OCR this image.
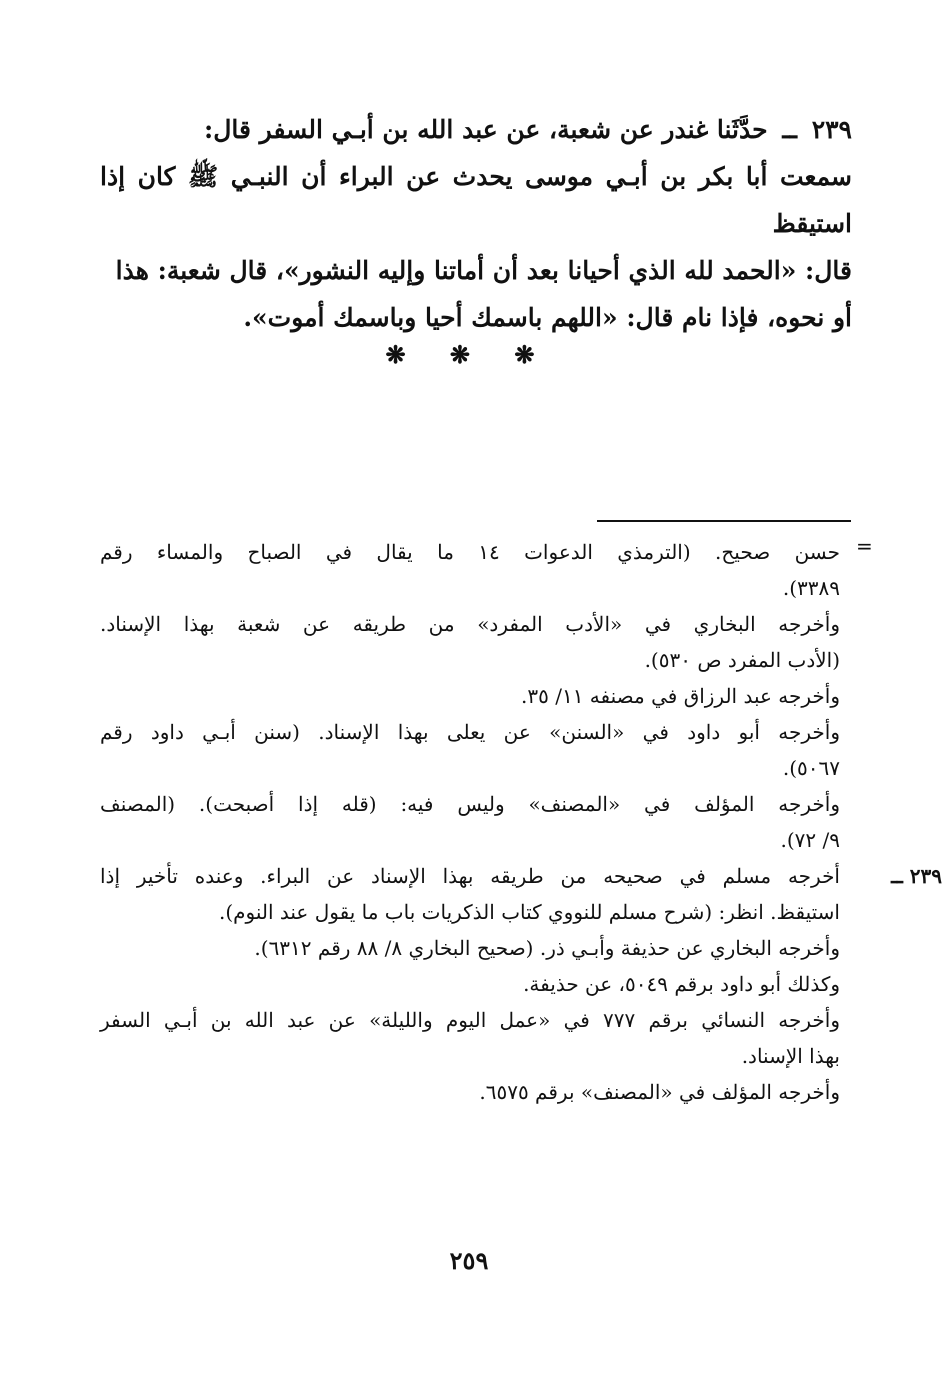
٢٣٩ ــ حدَّثَنا غندر عن شعبة، عن عبد الله بن أبـي السفر قال:
سمعت أبا بكر بن أبـي موسى يحدث عن البراء أن النبـي ﷺ كان إذا استيقظ
قال: «الحمد لله الذي أحيانا بعد أن أماتنا وإليه النشور»، قال شعبة: هذا
أو نحوه، فإذا نام قال: «اللهم باسمك أحيا وباسمك أموت».
❋ ❋ ❋
=
حسن صحيح. (الترمذي الدعوات ١٤ ما يقال في الصباح والمساء رقم
٣٣٨٩).
وأخرجه البخاري في «الأدب المفرد» من طريقه عن شعبة بهذا الإسناد.
(الأدب المفرد ص ٥٣٠).
وأخرجه عبد الرزاق في مصنفه ١١/ ٣٥.
وأخرجه أبو داود في «السنن» عن يعلى بهذا الإسناد. (سنن أبـي داود رقم
٥٠٦٧).
وأخرجه المؤلف في «المصنف» وليس فيه: (قله إذا أصبحت). (المصنف
٩/ ٧٢).
٢٣٩ ــ
أخرجه مسلم في صحيحه من طريقه بهذا الإسناد عن البراء. وعنده تأخير إذا
استيقظ. انظر: (شرح مسلم للنووي كتاب الذكريات باب ما يقول عند النوم).
وأخرجه البخاري عن حذيفة وأبـي ذر. (صحيح البخاري ٨/ ٨٨ رقم ٦٣١٢).
وكذلك أبو داود برقم ٥٠٤٩، عن حذيفة.
وأخرجه النسائي برقم ٧٧٧ في «عمل اليوم والليلة» عن عبد الله بن أبـي السفر
بهذا الإسناد.
وأخرجه المؤلف في «المصنف» برقم ٦٥٧٥.
٢٥٩
